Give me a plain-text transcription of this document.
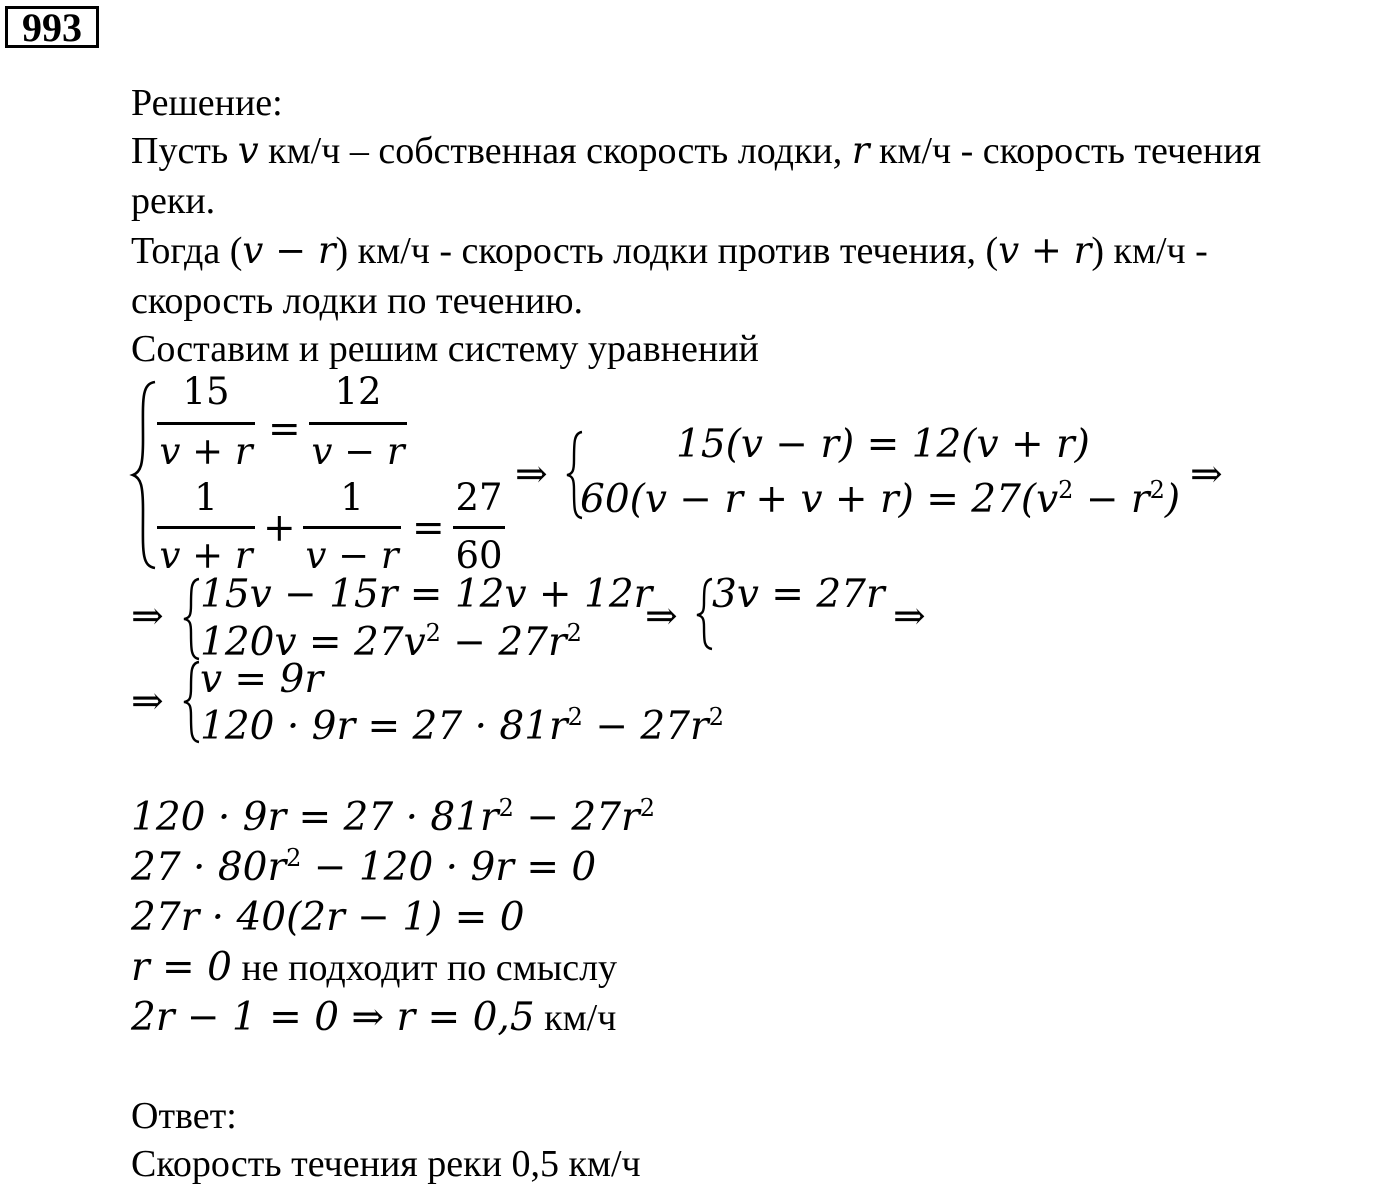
993
Решение:
Пусть v км/ч – собственная скорость лодки, r км/ч - скорость течения
реки.
Тогда (v − r) км/ч - скорость лодки против течения, (v + r) км/ч -
скорость лодки по течению.
Составим и решим систему уравнений
15
v + r =
12
v − r
1
v + r
+
1
v − r
=
27
60
⇒
15(v − r) = 12(v + r)
$60(v - r + v + r) = 27(v^2 - r^2)$
⇒
⇒ 15v − 15r = 12v + 12r
$120v = 27v^2 - 27r^2$ ⇒ 3v = 27r ⇒
⇒ v = 9r
$120 \cdot 9r = 27 \cdot 81r^2 - 27r^2$
$120 \cdot 9r = 27 \cdot 81r^2 - 27r^2$
$27 \cdot 80r^2 - 120 \cdot 9r = 0$
27r · 40(2r − 1) = 0
r = 0 не подходит по смыслу
2r − 1 = 0 ⇒ r = 0,5 км/ч
Ответ:
Скорость течения реки 0,5 км/ч
